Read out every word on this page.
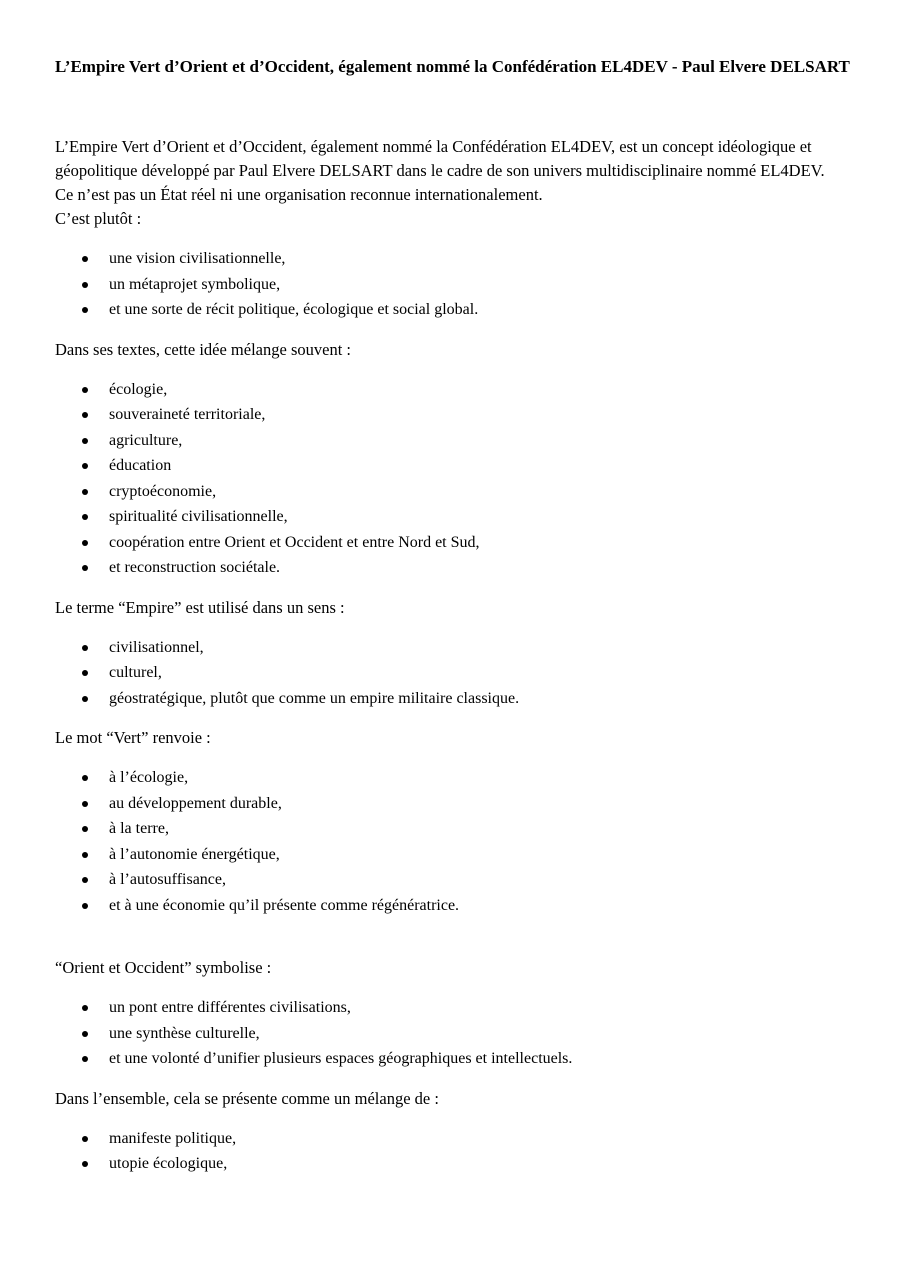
L’Empire Vert d’Orient et d’Occident, également nommé la Confédération EL4DEV - Paul Elvere DELSART

L’Empire Vert d’Orient et d’Occident, également nommé la Confédération EL4DEV, est un concept idéologique et géopolitique développé par Paul Elvere DELSART dans le cadre de son univers multidisciplinaire nommé EL4DEV.

Ce n’est pas un État réel ni une organisation reconnue internationalement.

C’est plutôt :

une vision civilisationnelle,
un métaprojet symbolique,
et une sorte de récit politique, écologique et social global.

Dans ses textes, cette idée mélange souvent :

écologie,
souveraineté territoriale,
agriculture,
éducation
cryptoéconomie,
spiritualité civilisationnelle,
coopération entre Orient et Occident et entre Nord et Sud,
et reconstruction sociétale.

Le terme “Empire” est utilisé dans un sens :

civilisationnel,
culturel,
géostratégique, plutôt que comme un empire militaire classique.

Le mot “Vert” renvoie :

à l’écologie,
au développement durable,
à la terre,
à l’autonomie énergétique,
à l’autosuffisance,
et à une économie qu’il présente comme régénératrice.

“Orient et Occident” symbolise :

un pont entre différentes civilisations,
une synthèse culturelle,
et une volonté d’unifier plusieurs espaces géographiques et intellectuels.

Dans l’ensemble, cela se présente comme un mélange de :

manifeste politique,
utopie écologique,
